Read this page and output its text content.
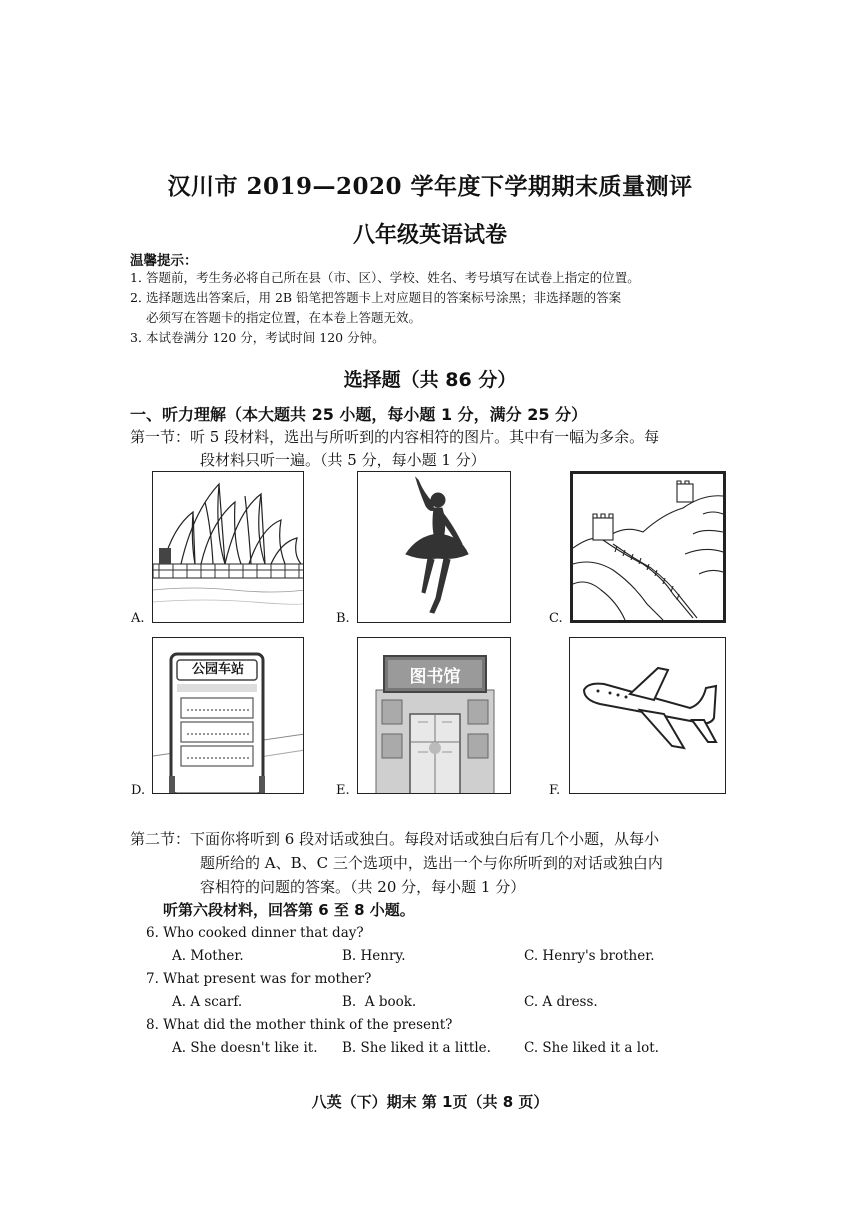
汉川市 2019—2020 学年度下学期期末质量测评
八年级英语试卷
温馨提示：
1．答题前，考生务必将自己所在县（市、区）、学校、姓名、考号填写在试卷上指定的位置。
2．选择题选出答案后，用 2B 铅笔把答题卡上对应题目的答案标号涂黑；非选择题的答案
必须写在答题卡的指定位置，在本卷上答题无效。
3．本试卷满分 120 分，考试时间 120 分钟。
选择题（共 86 分）
一、听力理解（本大题共 25 小题，每小题 1 分，满分 25 分）
第一节：听 5 段材料，选出与所听到的内容相符的图片。其中有一幅为多余。每
段材料只听一遍。（共 5 分，每小题 1 分）
A.	B.	C.
D.
公园车站
E.
图书馆
F.
第二节：下面你将听到 6 段对话或独白。每段对话或独白后有几个小题，从每小
题所给的 A、B、C 三个选项中，选出一个与你所听到的对话或独白内
容相符的问题的答案。（共 20 分，每小题 1 分）
听第六段材料，回答第 6 至 8 小题。
6. Who cooked dinner that day?
A. Mother.	B. Henry.	C. Henry's brother.
7. What present was for mother?
A. A scarf.	B.  A book.	C. A dress.
8. What did the mother think of the present?
A. She doesn't like it. B. She liked it a little. C. She liked it a lot.
八英（下）期末 第 1页（共 8 页）
